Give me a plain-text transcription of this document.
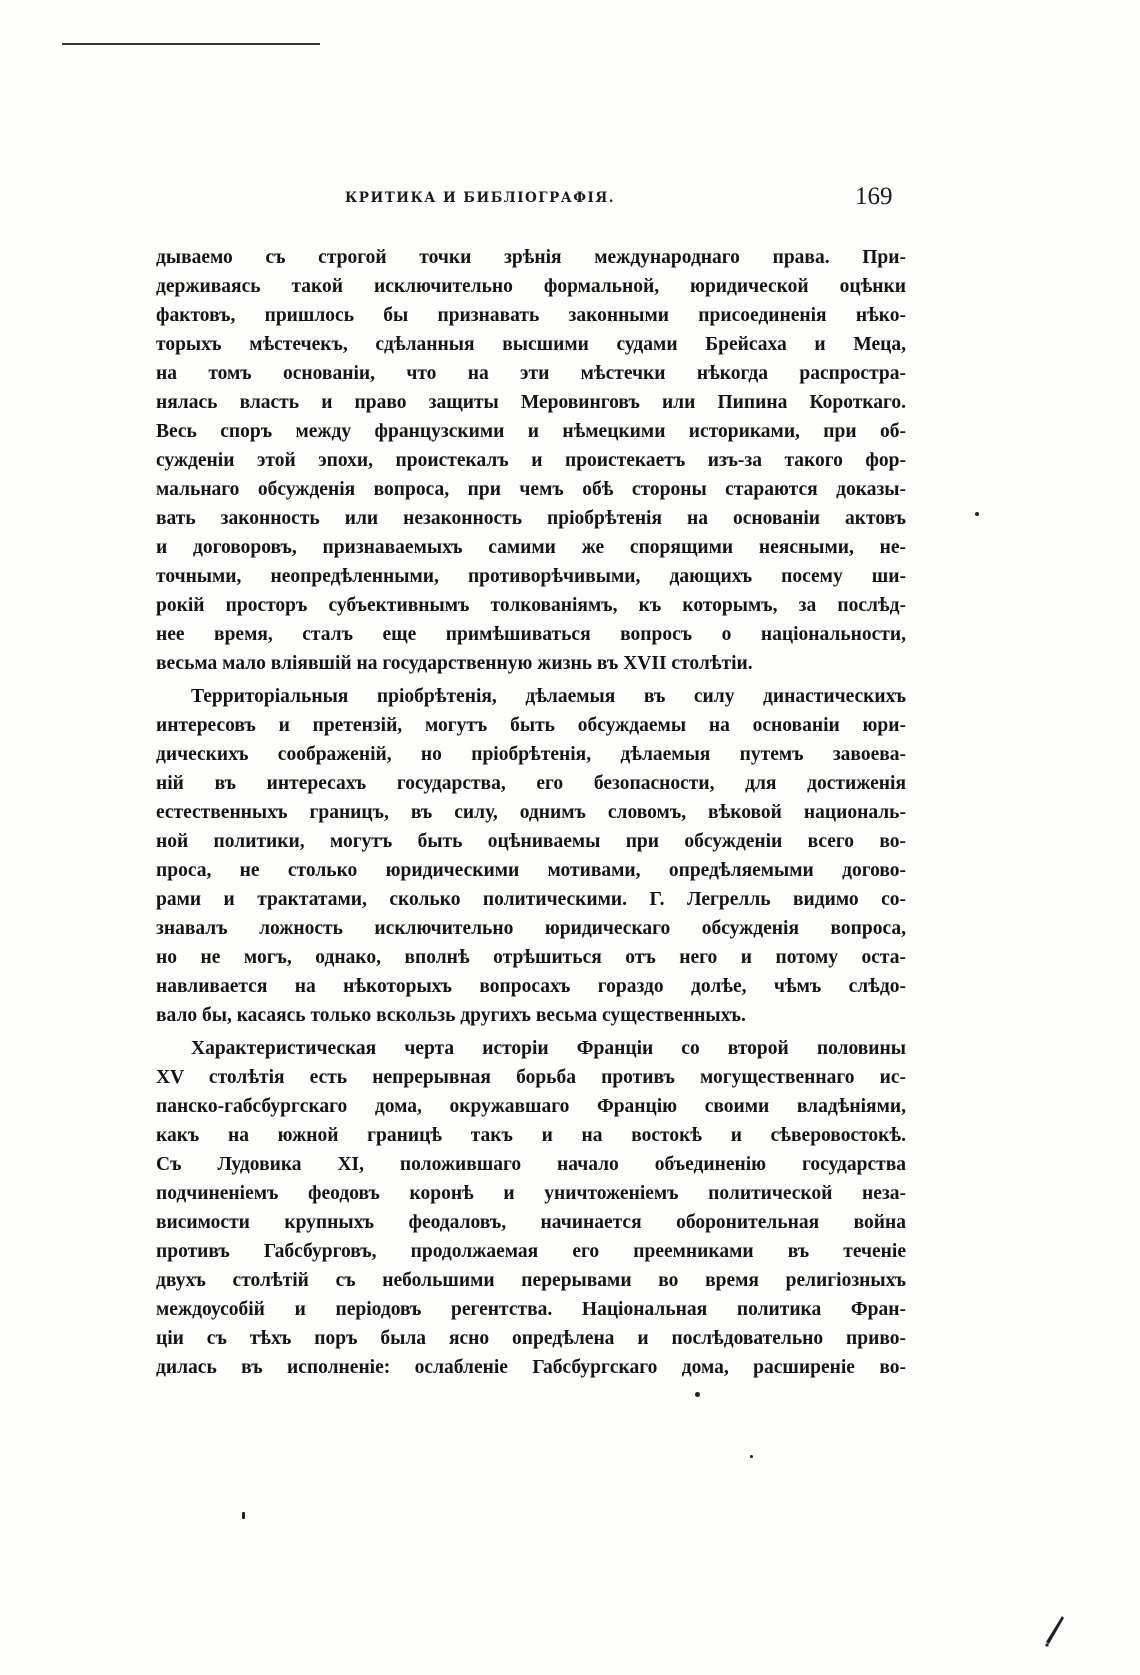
КРИТИКА И БИБЛІОГРАФІЯ.	169
дываемо съ строгой точки зрѣнія международнаго права. При-
держиваясь такой исключительно формальной, юридической оцѣнки
фактовъ, пришлось бы признавать законными присоединенія нѣко-
торыхъ мѣстечекъ, сдѣланныя высшими судами Брейсаха и Меца,
на томъ основаніи, что на эти мѣстечки нѣкогда распростра-
нялась власть и право защиты Меровинговъ или Пипина Короткаго.
Весь споръ между французскими и нѣмецкими историками, при об-
сужденіи этой эпохи, проистекалъ и проистекаетъ изъ-за такого фор-
мальнаго обсужденія вопроса, при чемъ обѣ стороны стараются доказы-
вать законность или незаконность пріобрѣтенія на основаніи актовъ
и договоровъ, признаваемыхъ самими же спорящими неясными, не-
точными, неопредѣленными, противорѣчивыми, дающихъ посему ши-
рокій просторъ субъективнымъ толкованіямъ, къ которымъ, за послѣд-
нее время, сталъ еще примѣшиваться вопросъ о національности,
весьма мало вліявшій на государственную жизнь въ XVII столѣтіи.
Территоріальныя пріобрѣтенія, дѣлаемыя въ силу династическихъ
интересовъ и претензій, могутъ быть обсуждаемы на основаніи юри-
дическихъ соображеній, но пріобрѣтенія, дѣлаемыя путемъ завоева-
ній въ интересахъ государства, его безопасности, для достиженія
естественныхъ границъ, въ силу, однимъ словомъ, вѣковой националь-
ной политики, могутъ быть оцѣниваемы при обсужденіи всего во-
проса, не столько юридическими мотивами, опредѣляемыми догово-
рами и трактатами, сколько политическими. Г. Легрелль видимо со-
знавалъ ложность исключительно юридическаго обсужденія вопроса,
но не могъ, однако, вполнѣ отрѣшиться отъ него и потому оста-
навливается на нѣкоторыхъ вопросахъ гораздо долѣе, чѣмъ слѣдо-
вало бы, касаясь только вскользь другихъ весьма существенныхъ.
Характеристическая черта исторіи Франціи со второй половины
XV столѣтія есть непрерывная борьба противъ могущественнаго ис-
панско-габсбургскаго дома, окружавшаго Францію своими владѣніями,
какъ на южной границѣ такъ и на востокѣ и сѣверовостокѣ.
Съ Лудовика XI, положившаго начало объединенію государства
подчиненіемъ феодовъ коронѣ и уничтоженіемъ политической неза-
висимости крупныхъ феодаловъ, начинается оборонительная война
противъ Габсбурговъ, продолжаемая его преемниками въ теченіе
двухъ столѣтій съ небольшими перерывами во время религіозныхъ
междоусобій и періодовъ регентства. Національная политика Фран-
ціи съ тѣхъ поръ была ясно опредѣлена и послѣдовательно приво-
дилась въ исполненіе: ослабленіе Габсбургскаго дома, расширеніе во-
